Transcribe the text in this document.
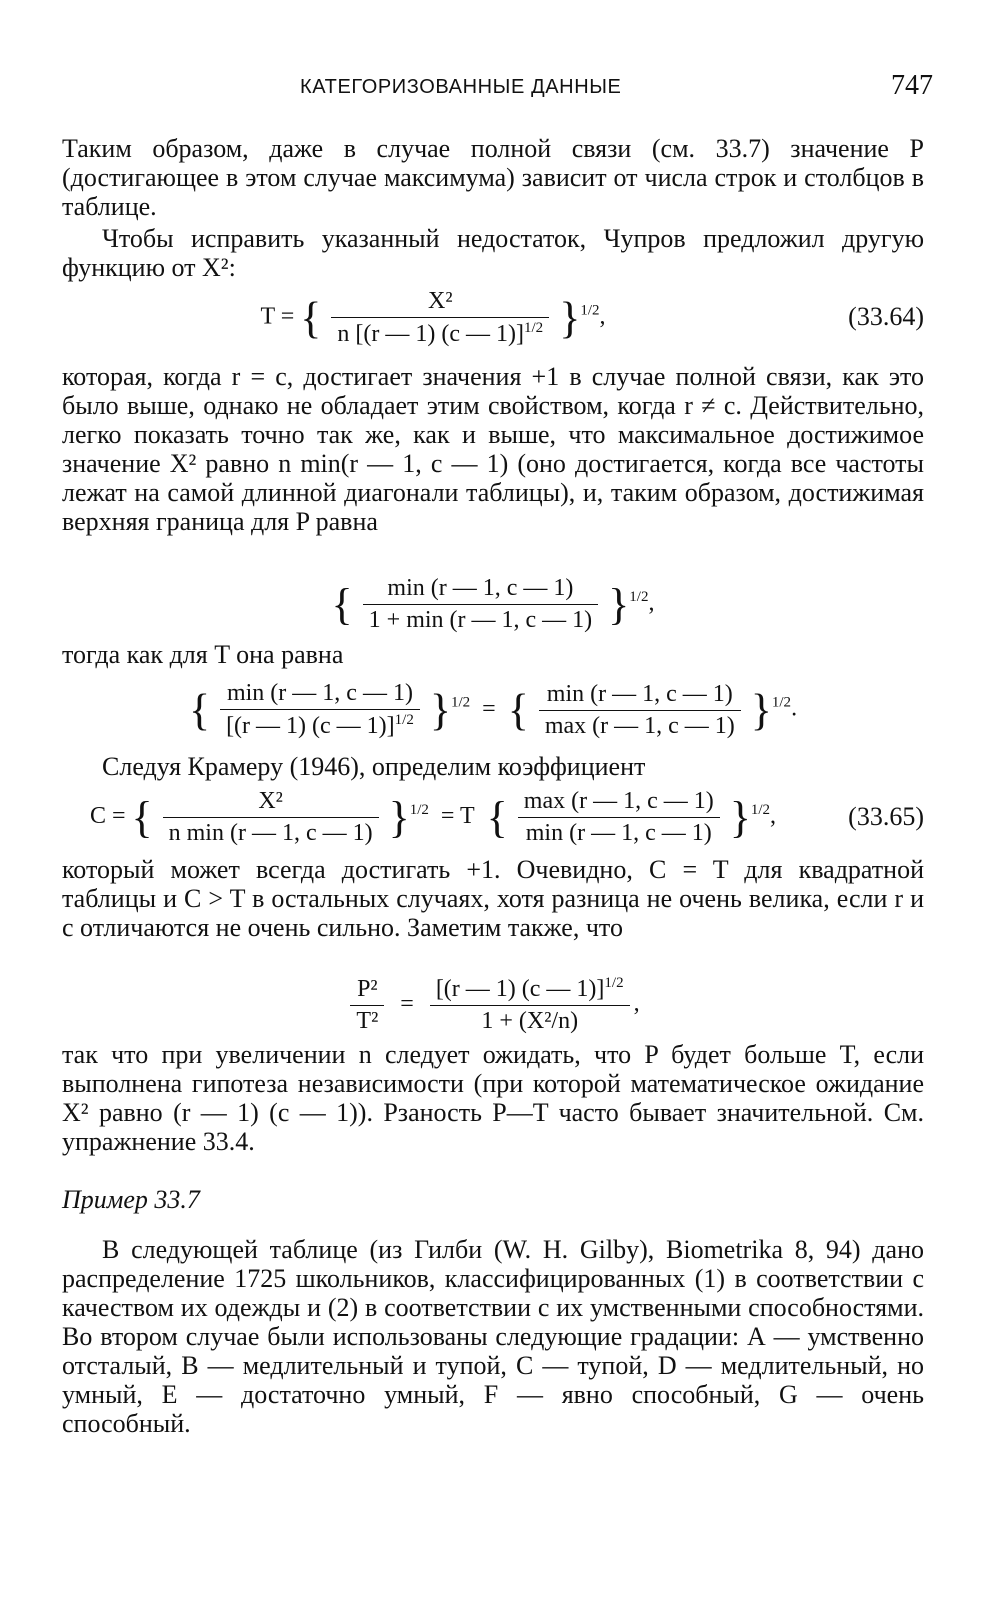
КАТЕГОРИЗОВАННЫЕ ДАННЫЕ	747
Таким образом, даже в случае полной связи (см. 33.7) значение P (достигающее в этом случае максимума) зависит от числа строк и столбцов в таблице.
Чтобы исправить указанный недостаток, Чупров предложил другую функцию от X²:
T = { $\frac{\text{X²}}{n [(r — 1) (c — 1)]^{1/2}} \}^{1/2}$,	(33.64)
которая, когда r = c, достигает значения +1 в случае полной связи, как это было выше, однако не обладает этим свойством, когда r ≠ c. Действительно, легко показать точно так же, как и выше, что максимальное достижимое значение X² равно n min(r — 1, c — 1) (оно достигается, когда все частоты лежат на самой длинной диагонали таблицы), и, таким образом, достижимая верхняя граница для P равна
{ $\frac{\min (r — 1, c — 1)}{1 + \min (r — 1, c — 1)} \}^{1/2}$,
тогда как для T она равна
{ $\frac{\min (r — 1, c — 1)}{[(r — 1) (c — 1)]^{1/2}} \}^{1/2}$ = { $\frac{\min (r — 1, c — 1)}{\max (r — 1, c — 1)} \}^{1/2}$.
Следуя Крамеру (1946), определим коэффициент
C = { $\frac{\text{X²}}{\text{n min (r — 1, c — 1)}} \}^{1/2} = T$ { $\frac{\max (r — 1, c — 1)}{\min (r — 1, c — 1)} \}^{1/2}$,	(33.65)
который может всегда достигать +1. Очевидно, C = T для квадратной таблицы и C > T в остальных случаях, хотя разница не очень велика, если r и c отличаются не очень сильно. Заметим также, что
$\frac{\text{P²}}{\text{T²}} = \frac{[(r — 1) (c — 1)]^{1/2}}{\text{1 + (X²/n)}}$ ,
так что при увеличении n следует ожидать, что P будет больше T, если выполнена гипотеза независимости (при которой математическое ожидание X² равно (r — 1) (c — 1)). Рзаность P—T часто бывает значительной. См. упражнение 33.4.
Пример 33.7
В следующей таблице (из Гилби (W. H. Gilby), Biometrika 8, 94) дано распределение 1725 школьников, классифицированных (1) в соответствии с качеством их одежды и (2) в соответствии с их умственными способностями. Во втором случае были использованы следующие градации: А — умственно отсталый, В — медлительный и тупой, С — тупой, D — медлительный, но умный, Е — достаточно умный, F — явно способный, G — очень способный.
